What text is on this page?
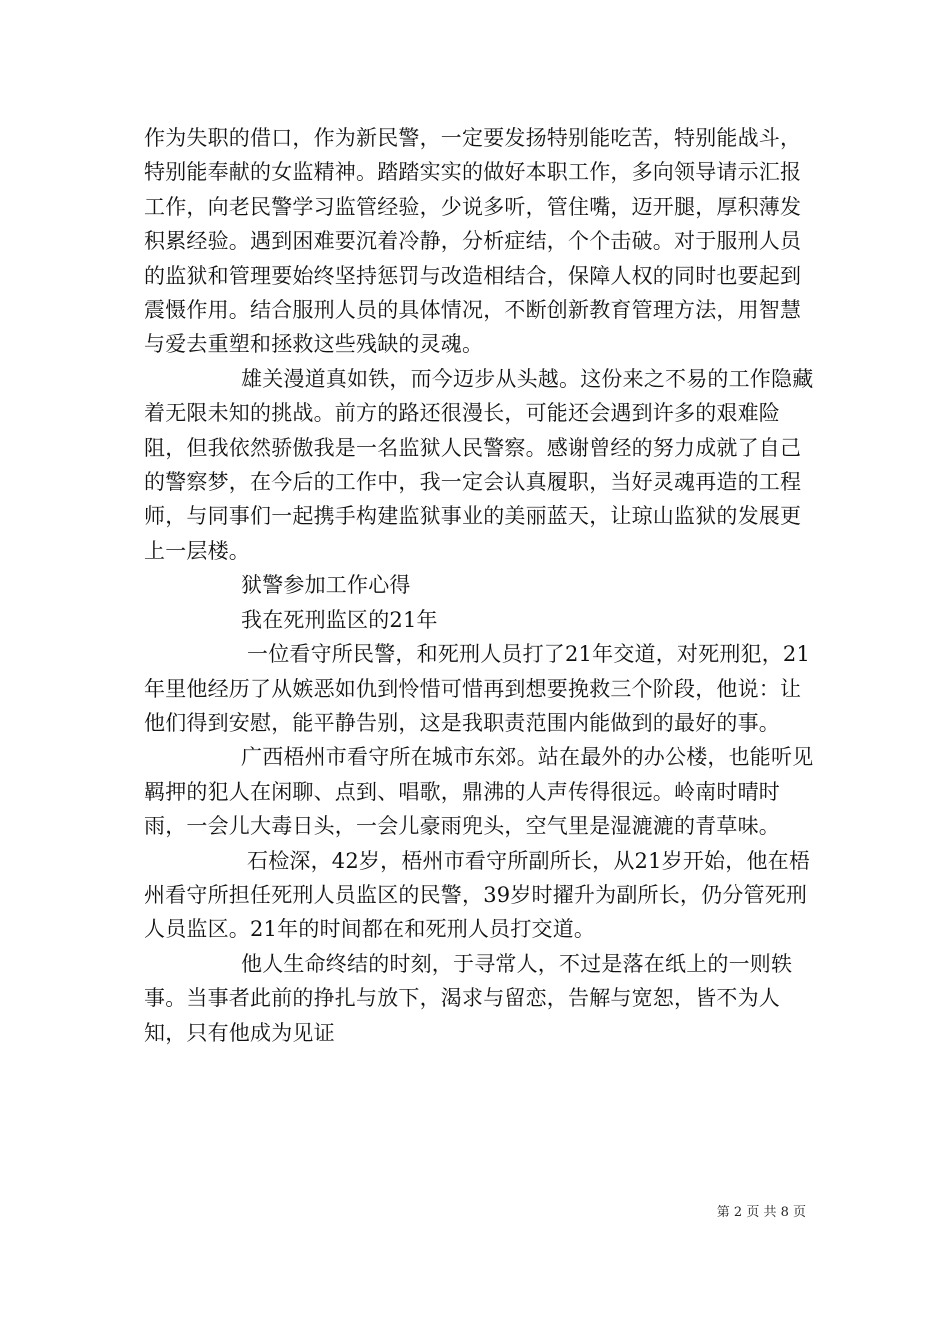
作为失职的借口，作为新民警，一定要发扬特别能吃苦，特别能战斗，特别能奉献的女监精神。踏踏实实的做好本职工作，多向领导请示汇报工作，向老民警学习监管经验，少说多听，管住嘴，迈开腿，厚积薄发积累经验。遇到困难要沉着冷静，分析症结，个个击破。对于服刑人员的监狱和管理要始终坚持惩罚与改造相结合，保障人权的同时也要起到震慑作用。结合服刑人员的具体情况，不断创新教育管理方法，用智慧与爱去重塑和拯救这些残缺的灵魂。

雄关漫道真如铁，而今迈步从头越。这份来之不易的工作隐藏着无限未知的挑战。前方的路还很漫长，可能还会遇到许多的艰难险阻，但我依然骄傲我是一名监狱人民警察。感谢曾经的努力成就了自己的警察梦，在今后的工作中，我一定会认真履职，当好灵魂再造的工程师，与同事们一起携手构建监狱事业的美丽蓝天，让琼山监狱的发展更上一层楼。

狱警参加工作心得

我在死刑监区的21年

一位看守所民警，和死刑人员打了21年交道，对死刑犯，21年里他经历了从嫉恶如仇到怜惜可惜再到想要挽救三个阶段，他说：让他们得到安慰，能平静告别，这是我职责范围内能做到的最好的事。

广西梧州市看守所在城市东郊。站在最外的办公楼，也能听见羁押的犯人在闲聊、点到、唱歌，鼎沸的人声传得很远。岭南时晴时雨，一会儿大毒日头，一会儿豪雨兜头，空气里是湿漉漉的青草味。

石检深，42岁，梧州市看守所副所长，从21岁开始，他在梧州看守所担任死刑人员监区的民警，39岁时擢升为副所长，仍分管死刑人员监区。21年的时间都在和死刑人员打交道。

他人生命终结的时刻，于寻常人，不过是落在纸上的一则轶事。当事者此前的挣扎与放下，渴求与留恋，告解与宽恕，皆不为人知，只有他成为见证

第 2 页 共 8 页
